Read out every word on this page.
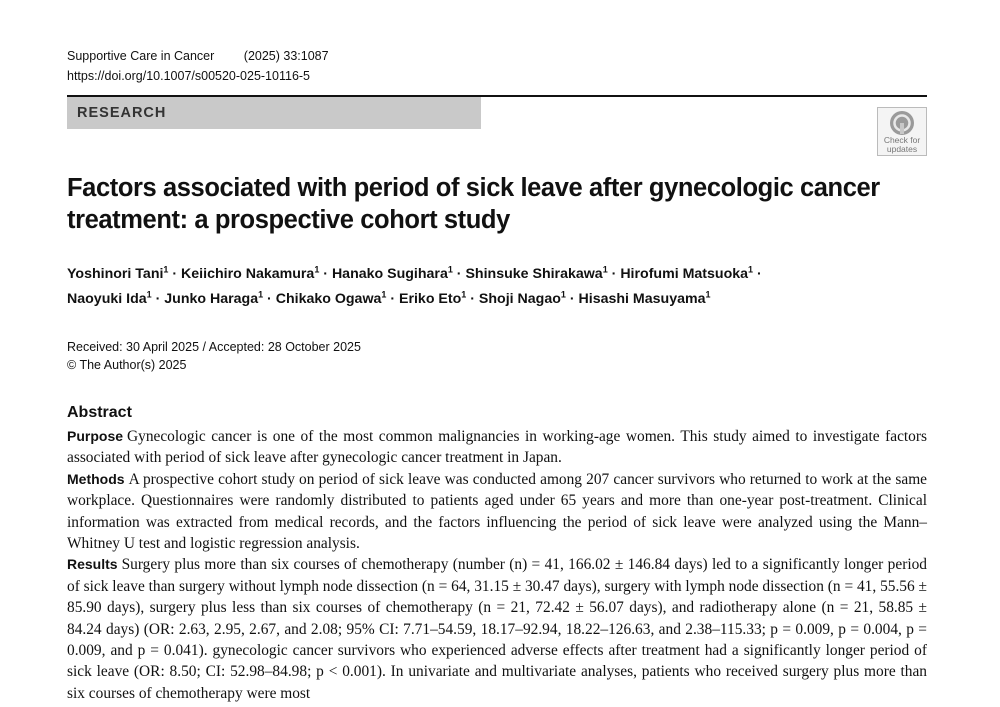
Supportive Care in Cancer (2025) 33:1087
https://doi.org/10.1007/s00520-025-10116-5
RESEARCH
Check for
updates
Factors associated with period of sick leave after gynecologic cancer treatment: a prospective cohort study
Yoshinori Tani$^1$ · Keiichiro Nakamura$^1$ · Hanako Sugihara$^1$ · Shinsuke Shirakawa$^1$ · Hirofumi Matsuoka$^1$ ·
Naoyuki Ida$^1$ · Junko Haraga$^1$ · Chikako Ogawa$^1$ · Eriko Eto$^1$ · Shoji Nagao$^1$ · Hisashi Masuyama$^1$
Received: 30 April 2025 / Accepted: 28 October 2025
© The Author(s) 2025
Abstract

Purpose Gynecologic cancer is one of the most common malignancies in working-age women. This study aimed to investigate factors associated with period of sick leave after gynecologic cancer treatment in Japan.

Methods A prospective cohort study on period of sick leave was conducted among 207 cancer survivors who returned to work at the same workplace. Questionnaires were randomly distributed to patients aged under 65 years and more than one-year post-treatment. Clinical information was extracted from medical records, and the factors influencing the period of sick leave were analyzed using the Mann–Whitney U test and logistic regression analysis.

Results Surgery plus more than six courses of chemotherapy (number (n) = 41, 166.02 ± 146.84 days) led to a significantly longer period of sick leave than surgery without lymph node dissection (n = 64, 31.15 ± 30.47 days), surgery with lymph node dissection (n = 41, 55.56 ± 85.90 days), surgery plus less than six courses of chemotherapy (n = 21, 72.42 ± 56.07 days), and radiotherapy alone (n = 21, 58.85 ± 84.24 days) (OR: 2.63, 2.95, 2.67, and 2.08; 95% CI: 7.71–54.59, 18.17–92.94, 18.22–126.63, and 2.38–115.33; p = 0.009, p = 0.004, p = 0.009, and p = 0.041). gynecologic cancer survivors who experienced adverse effects after treatment had a significantly longer period of sick leave (OR: 8.50; CI: 52.98–84.98; p < 0.001). In univariate and multivariate analyses, patients who received surgery plus more than six courses of chemotherapy were most
